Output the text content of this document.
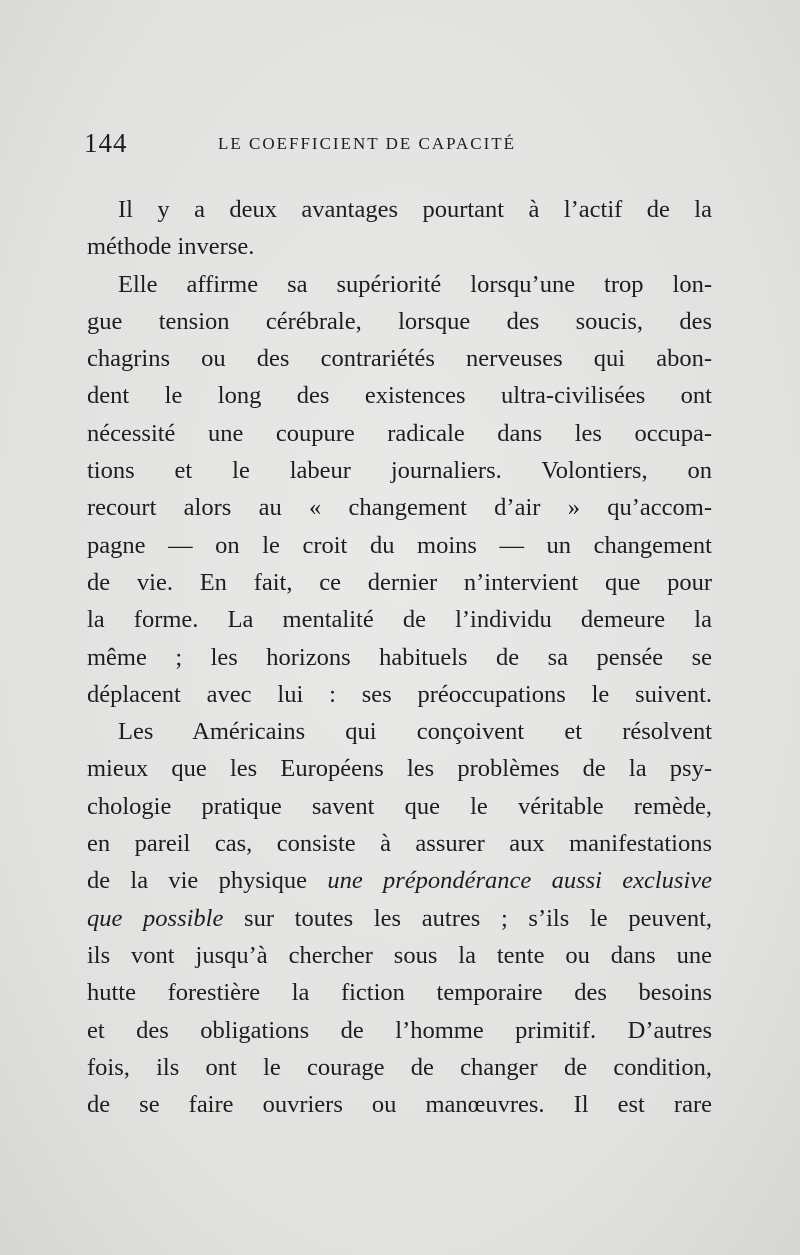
144	LE COEFFICIENT DE CAPACITÉ

Il y a deux avantages pourtant à l’actif de la

méthode inverse.

Elle affirme sa supériorité lorsqu’une trop lon-

gue tension cérébrale, lorsque des soucis, des

chagrins ou des contrariétés nerveuses qui abon-

dent le long des existences ultra-civilisées ont

nécessité une coupure radicale dans les occupa-

tions et le labeur journaliers. Volontiers, on

recourt alors au « changement d’air » qu’accom-

pagne — on le croit du moins — un changement

de vie. En fait, ce dernier n’intervient que pour

la forme. La mentalité de l’individu demeure la

même ; les horizons habituels de sa pensée se

déplacent avec lui : ses préoccupations le suivent.

Les Américains qui conçoivent et résolvent

mieux que les Européens les problèmes de la psy-

chologie pratique savent que le véritable remède,

en pareil cas, consiste à assurer aux manifestations

de la vie physique une prépondérance aussi exclusive

que possible sur toutes les autres ; s’ils le peuvent,

ils vont jusqu’à chercher sous la tente ou dans une

hutte forestière la fiction temporaire des besoins

et des obligations de l’homme primitif. D’autres

fois, ils ont le courage de changer de condition,

de se faire ouvriers ou manœuvres. Il est rare
